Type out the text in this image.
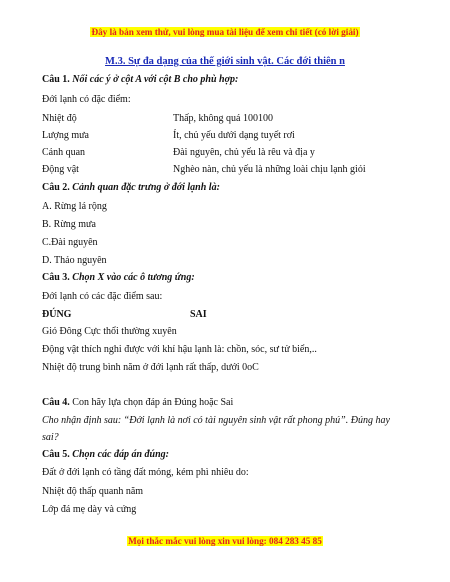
Đây là bản xem thử, vui lòng mua tài liệu để xem chi tiết (có lời giải)
M.3. Sự đa dạng của thế giới sinh vật. Các đới thiên n
Câu 1. Nối các ý ở cột A với cột B cho phù hợp:
Đới lạnh có đặc điểm:
Nhiệt độ	Thấp, không quá 100100
Lượng mưa	Ít, chủ yếu dưới dạng tuyết rơi
Cảnh quan	Đài nguyên, chủ yếu là rêu và địa y
Động vật	Nghèo nàn, chủ yếu là những loài chịu lạnh giỏi
Câu 2. Cảnh quan đặc trưng ở đới lạnh là:
A. Rừng lá rộng
B. Rừng mưa
C.Đài nguyên
D. Thảo nguyên
Câu 3. Chọn X vào các ô tương ứng:
Đới lạnh có các đặc điểm sau:
ĐÚNG	SAI
Gió Đông Cực thổi thường xuyên
Động vật thích nghi được với khí hậu lạnh là: chồn, sóc, sư tử biển,..
Nhiệt độ trung bình năm ở đới lạnh rất thấp, dưới 0oC
Câu 4. Con hãy lựa chọn đáp án Đúng hoặc Sai
Cho nhận định sau: “Đới lạnh là nơi có tài nguyên sinh vật rất phong phú”. Đúng hay
sai?
Câu 5. Chọn các đáp án đúng:
Đất ở đới lạnh có tầng đất mỏng, kém phì nhiêu do:
Nhiệt độ thấp quanh năm
Lớp đá mẹ dày và cứng
Mọi thắc mắc vui lòng xin vui lòng: 084 283 45 85
